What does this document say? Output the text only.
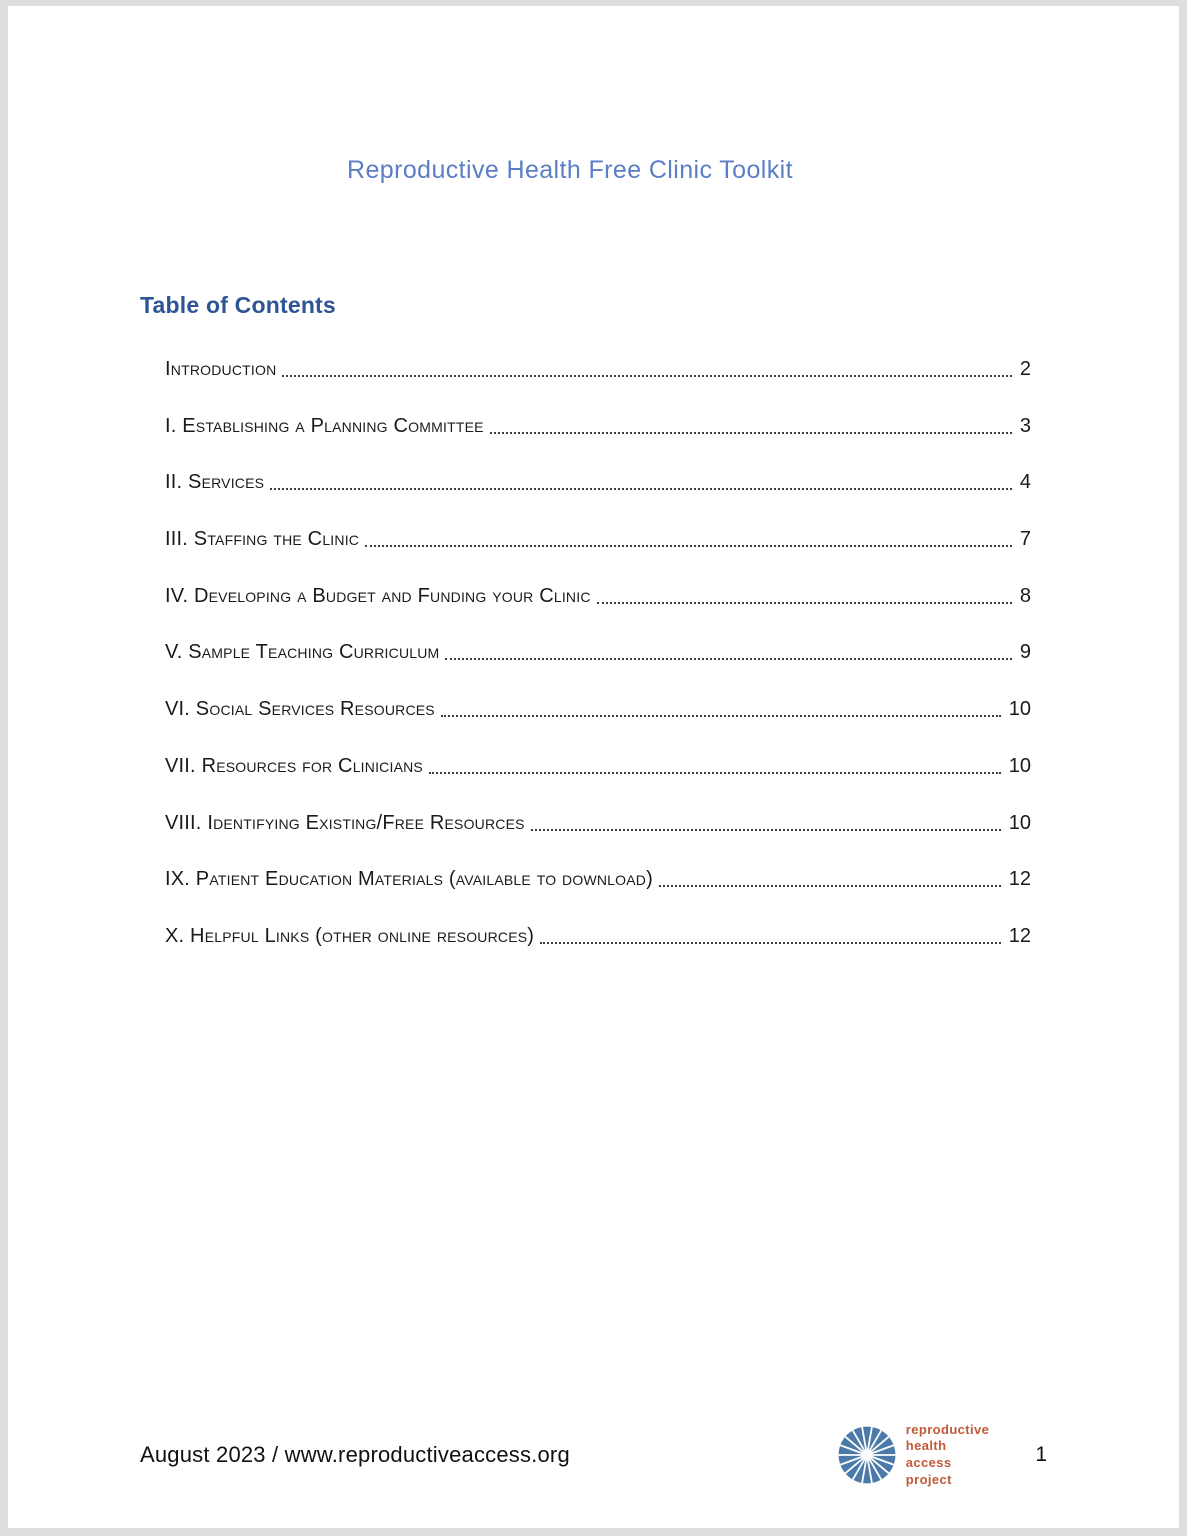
Reproductive Health Free Clinic Toolkit
Table of Contents
Introduction	2
I. Establishing a Planning Committee	3
II. Services	4
III. Staffing the Clinic	7
IV. Developing a Budget and Funding your Clinic	8
V. Sample Teaching Curriculum	9
VI. Social Services Resources	10
VII. Resources for Clinicians	10
VIII. Identifying Existing/Free Resources	10
IX. Patient Education Materials (available to download)	12
X. Helpful Links (other online resources)	12
August 2023 / www.reproductiveaccess.org
reproductive
health
access
project
1
